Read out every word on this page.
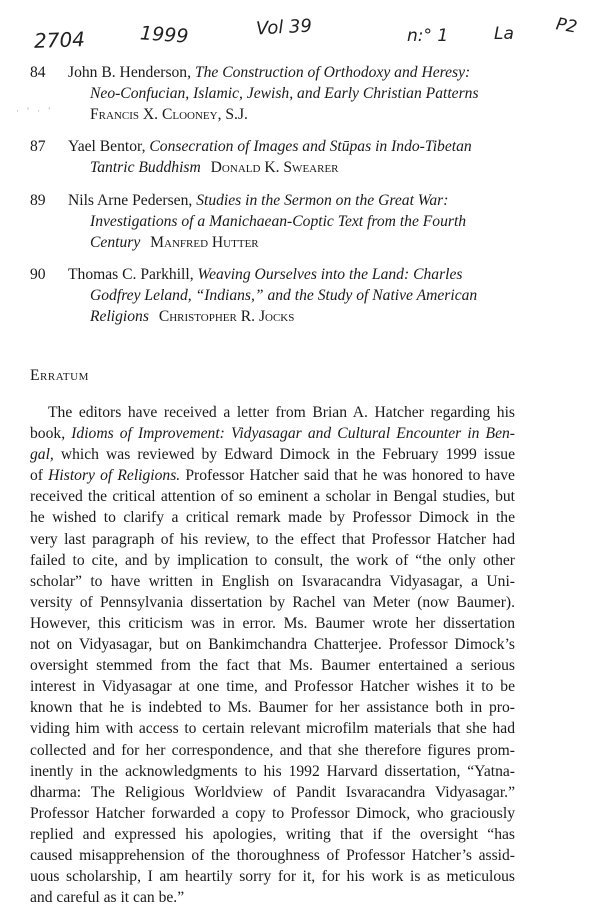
2704	1999	Vol 39	n:° 1	La P2
· ' · '
84	John B. Henderson, The Construction of Orthodoxy and Heresy:
Neo-Confucian, Islamic, Jewish, and Early Christian Patterns
Francis X. Clooney, S.J.
87	Yael Bentor, Consecration of Images and Stūpas in Indo-Tibetan
Tantric Buddhism Donald K. Swearer
89	Nils Arne Pedersen, Studies in the Sermon on the Great War:
Investigations of a Manichaean-Coptic Text from the Fourth
Century Manfred Hutter
90	Thomas C. Parkhill, Weaving Ourselves into the Land: Charles
Godfrey Leland, “Indians,” and the Study of Native American
Religions Christopher R. Jocks
Erratum
The editors have received a letter from Brian A. Hatcher regarding his
book, Idioms of Improvement: Vidyasagar and Cultural Encounter in Ben-
gal, which was reviewed by Edward Dimock in the February 1999 issue
of History of Religions. Professor Hatcher said that he was honored to have
received the critical attention of so eminent a scholar in Bengal studies, but
he wished to clarify a critical remark made by Professor Dimock in the
very last paragraph of his review, to the effect that Professor Hatcher had
failed to cite, and by implication to consult, the work of “the only other
scholar” to have written in English on Isvaracandra Vidyasagar, a Uni-
versity of Pennsylvania dissertation by Rachel van Meter (now Baumer).
However, this criticism was in error. Ms. Baumer wrote her dissertation
not on Vidyasagar, but on Bankimchandra Chatterjee. Professor Dimock’s
oversight stemmed from the fact that Ms. Baumer entertained a serious
interest in Vidyasagar at one time, and Professor Hatcher wishes it to be
known that he is indebted to Ms. Baumer for her assistance both in pro-
viding him with access to certain relevant microfilm materials that she had
collected and for her correspondence, and that she therefore figures prom-
inently in the acknowledgments to his 1992 Harvard dissertation, “Yatna-
dharma: The Religious Worldview of Pandit Isvaracandra Vidyasagar.”
Professor Hatcher forwarded a copy to Professor Dimock, who graciously
replied and expressed his apologies, writing that if the oversight “has
caused misapprehension of the thoroughness of Professor Hatcher’s assid-
uous scholarship, I am heartily sorry for it, for his work is as meticulous
and careful as it can be.”
